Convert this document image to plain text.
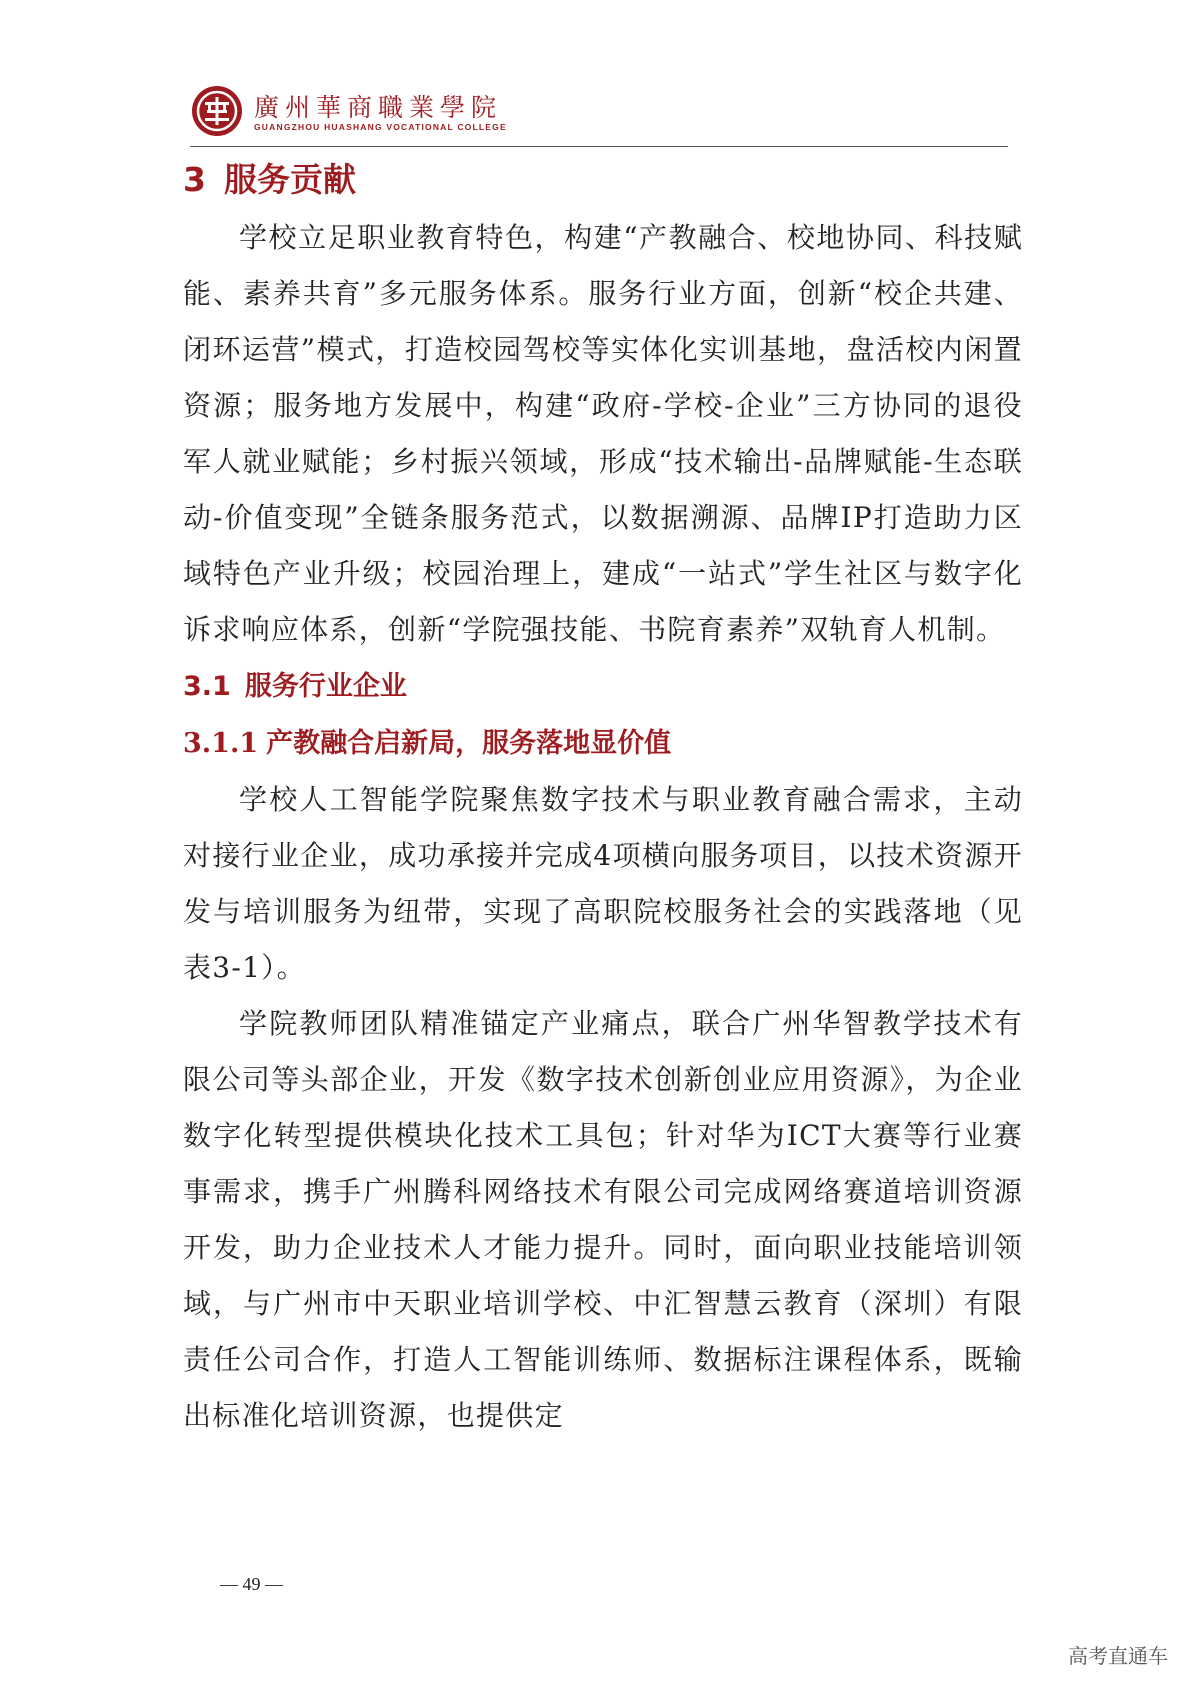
廣州華商職業學院
GUANGZHOU HUASHANG VOCATIONAL COLLEGE
3 服务贡献

学校立足职业教育特色，构建“产教融合、校地协同、科技赋能、素养共育”多元服务体系。服务行业方面，创新“校企共建、闭环运营”模式，打造校园驾校等实体化实训基地，盘活校内闲置资源；服务地方发展中，构建“政府-学校-企业”三方协同的退役军人就业赋能；乡村振兴领域，形成“技术输出-品牌赋能-生态联动-价值变现”全链条服务范式，以数据溯源、品牌IP打造助力区域特色产业升级；校园治理上，建成“一站式”学生社区与数字化诉求响应体系，创新“学院强技能、书院育素养”双轨育人机制。

3.1 服务行业企业
3.1.1 产教融合启新局，服务落地显价值

学校人工智能学院聚焦数字技术与职业教育融合需求，主动对接行业企业，成功承接并完成4项横向服务项目，以技术资源开发与培训服务为纽带，实现了高职院校服务社会的实践落地（见表3-1）。

学院教师团队精准锚定产业痛点，联合广州华智教学技术有限公司等头部企业，开发《数字技术创新创业应用资源》，为企业数字化转型提供模块化技术工具包；针对华为ICT大赛等行业赛事需求，携手广州腾科网络技术有限公司完成网络赛道培训资源开发，助力企业技术人才能力提升。同时，面向职业技能培训领域，与广州市中天职业培训学校、中汇智慧云教育（深圳）有限责任公司合作，打造人工智能训练师、数据标注课程体系，既输出标准化培训资源，也提供定

— 49 —
高考直通车
